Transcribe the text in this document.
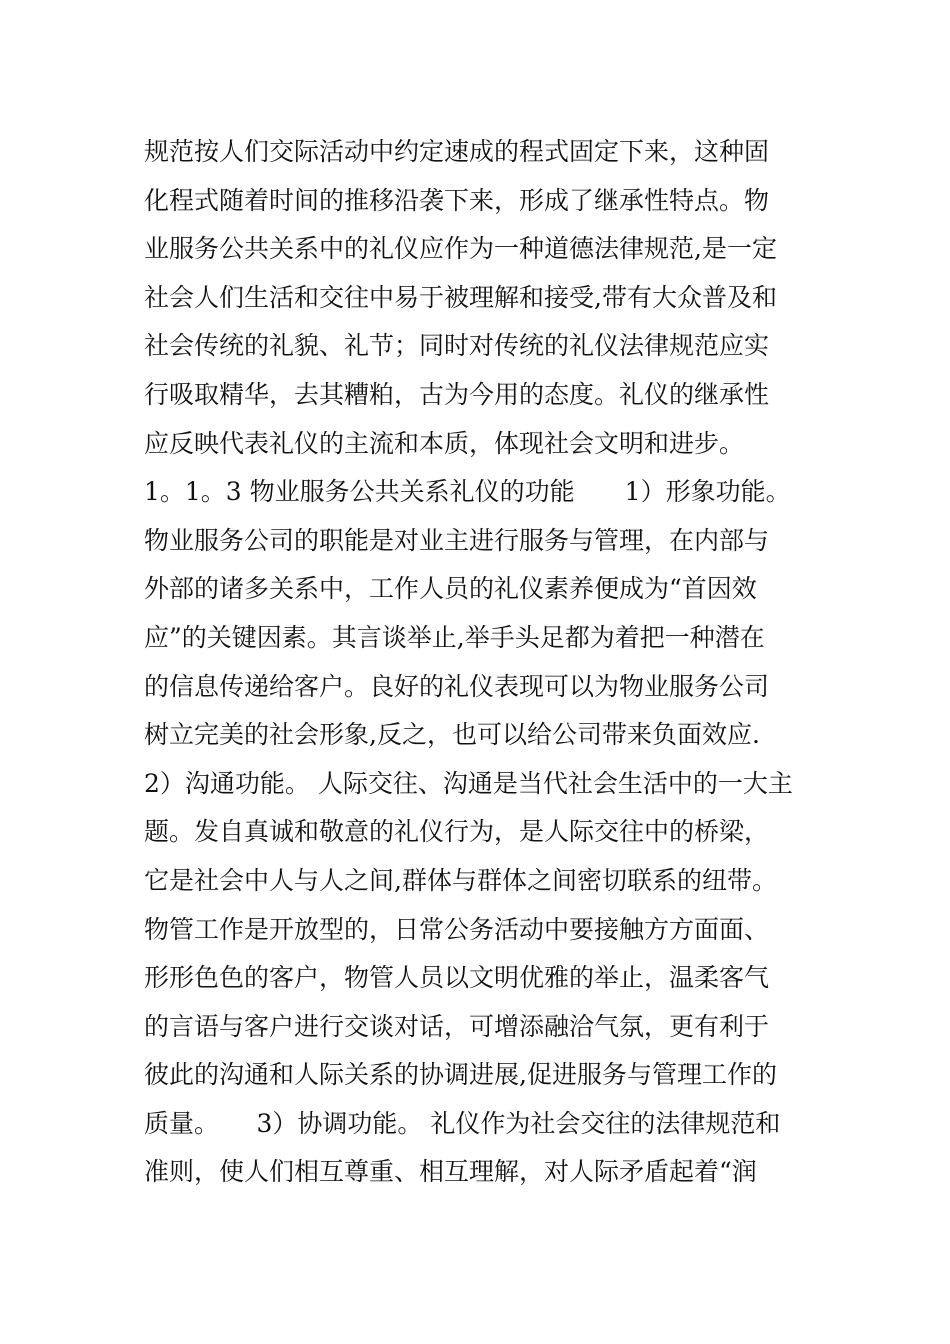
规范按人们交际活动中约定速成的程式固定下来，这种固
化程式随着时间的推移沿袭下来，形成了继承性特点。物
业服务公共关系中的礼仪应作为一种道德法律规范,是一定
社会人们生活和交往中易于被理解和接受,带有大众普及和
社会传统的礼貌、礼节；同时对传统的礼仪法律规范应实
行吸取精华，去其糟粕，古为今用的态度。礼仪的继承性
应反映代表礼仪的主流和本质，体现社会文明和进步。
1。1。3 物业服务公共关系礼仪的功能　　1）形象功能。
物业服务公司的职能是对业主进行服务与管理，在内部与
外部的诸多关系中，工作人员的礼仪素养便成为“首因效
应”的关键因素。其言谈举止,举手头足都为着把一种潜在
的信息传递给客户。良好的礼仪表现可以为物业服务公司
树立完美的社会形象,反之，也可以给公司带来负面效应.
2）沟通功能。 人际交往、沟通是当代社会生活中的一大主
题。发自真诚和敬意的礼仪行为，是人际交往中的桥梁，
它是社会中人与人之间,群体与群体之间密切联系的纽带。
物管工作是开放型的，日常公务活动中要接触方方面面、
形形色色的客户，物管人员以文明优雅的举止，温柔客气
的言语与客户进行交谈对话，可增添融洽气氛，更有利于
彼此的沟通和人际关系的协调进展,促进服务与管理工作的
质量。　　3）协调功能。 礼仪作为社会交往的法律规范和
准则，使人们相互尊重、相互理解，对人际矛盾起着“润
